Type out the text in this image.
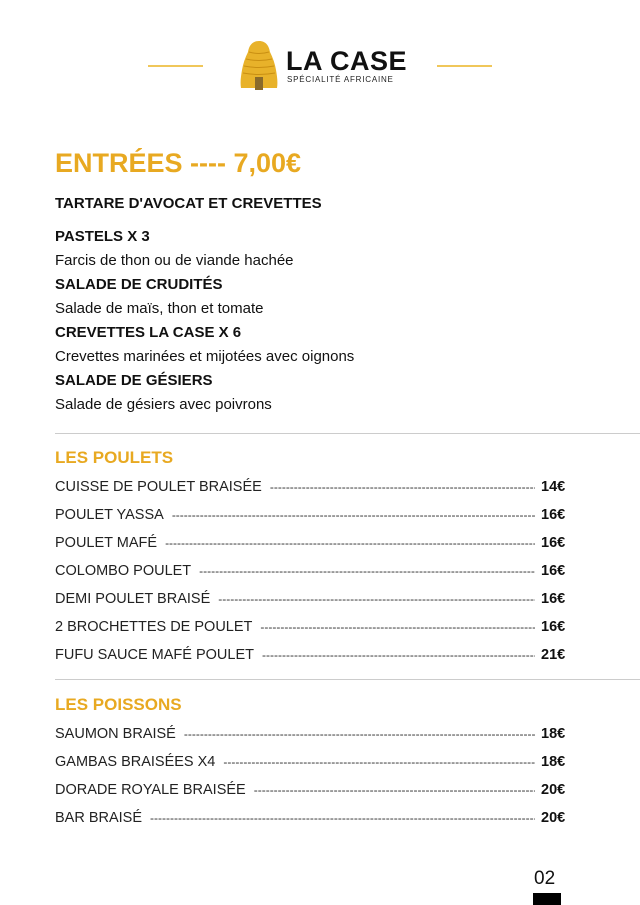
LA CASE
SPÉCIALITÉ AFRICAINE
ENTRÉES ---- 7,00€
TARTARE D'AVOCAT ET CREVETTES
PASTELS X 3
Farcis de thon ou de viande hachée
SALADE DE CRUDITÉS
Salade de maïs, thon et tomate
CREVETTES LA CASE X 6
Crevettes marinées et mijotées avec oignons
SALADE DE GÉSIERS
Salade de gésiers avec poivrons
LES POULETS
CUISSE DE POULET BRAISÉE -----	14€
POULET YASSA -----	16€
POULET MAFÉ -----	16€
COLOMBO POULET -----	16€
DEMI POULET BRAISÉ -----	16€
2 BROCHETTES DE POULET -----	16€
FUFU SAUCE MAFÉ POULET -----	21€
LES POISSONS
SAUMON BRAISÉ -----	18€
GAMBAS BRAISÉES X4 -----	18€
DORADE ROYALE BRAISÉE -----	20€
BAR BRAISÉ -----	20€
02
